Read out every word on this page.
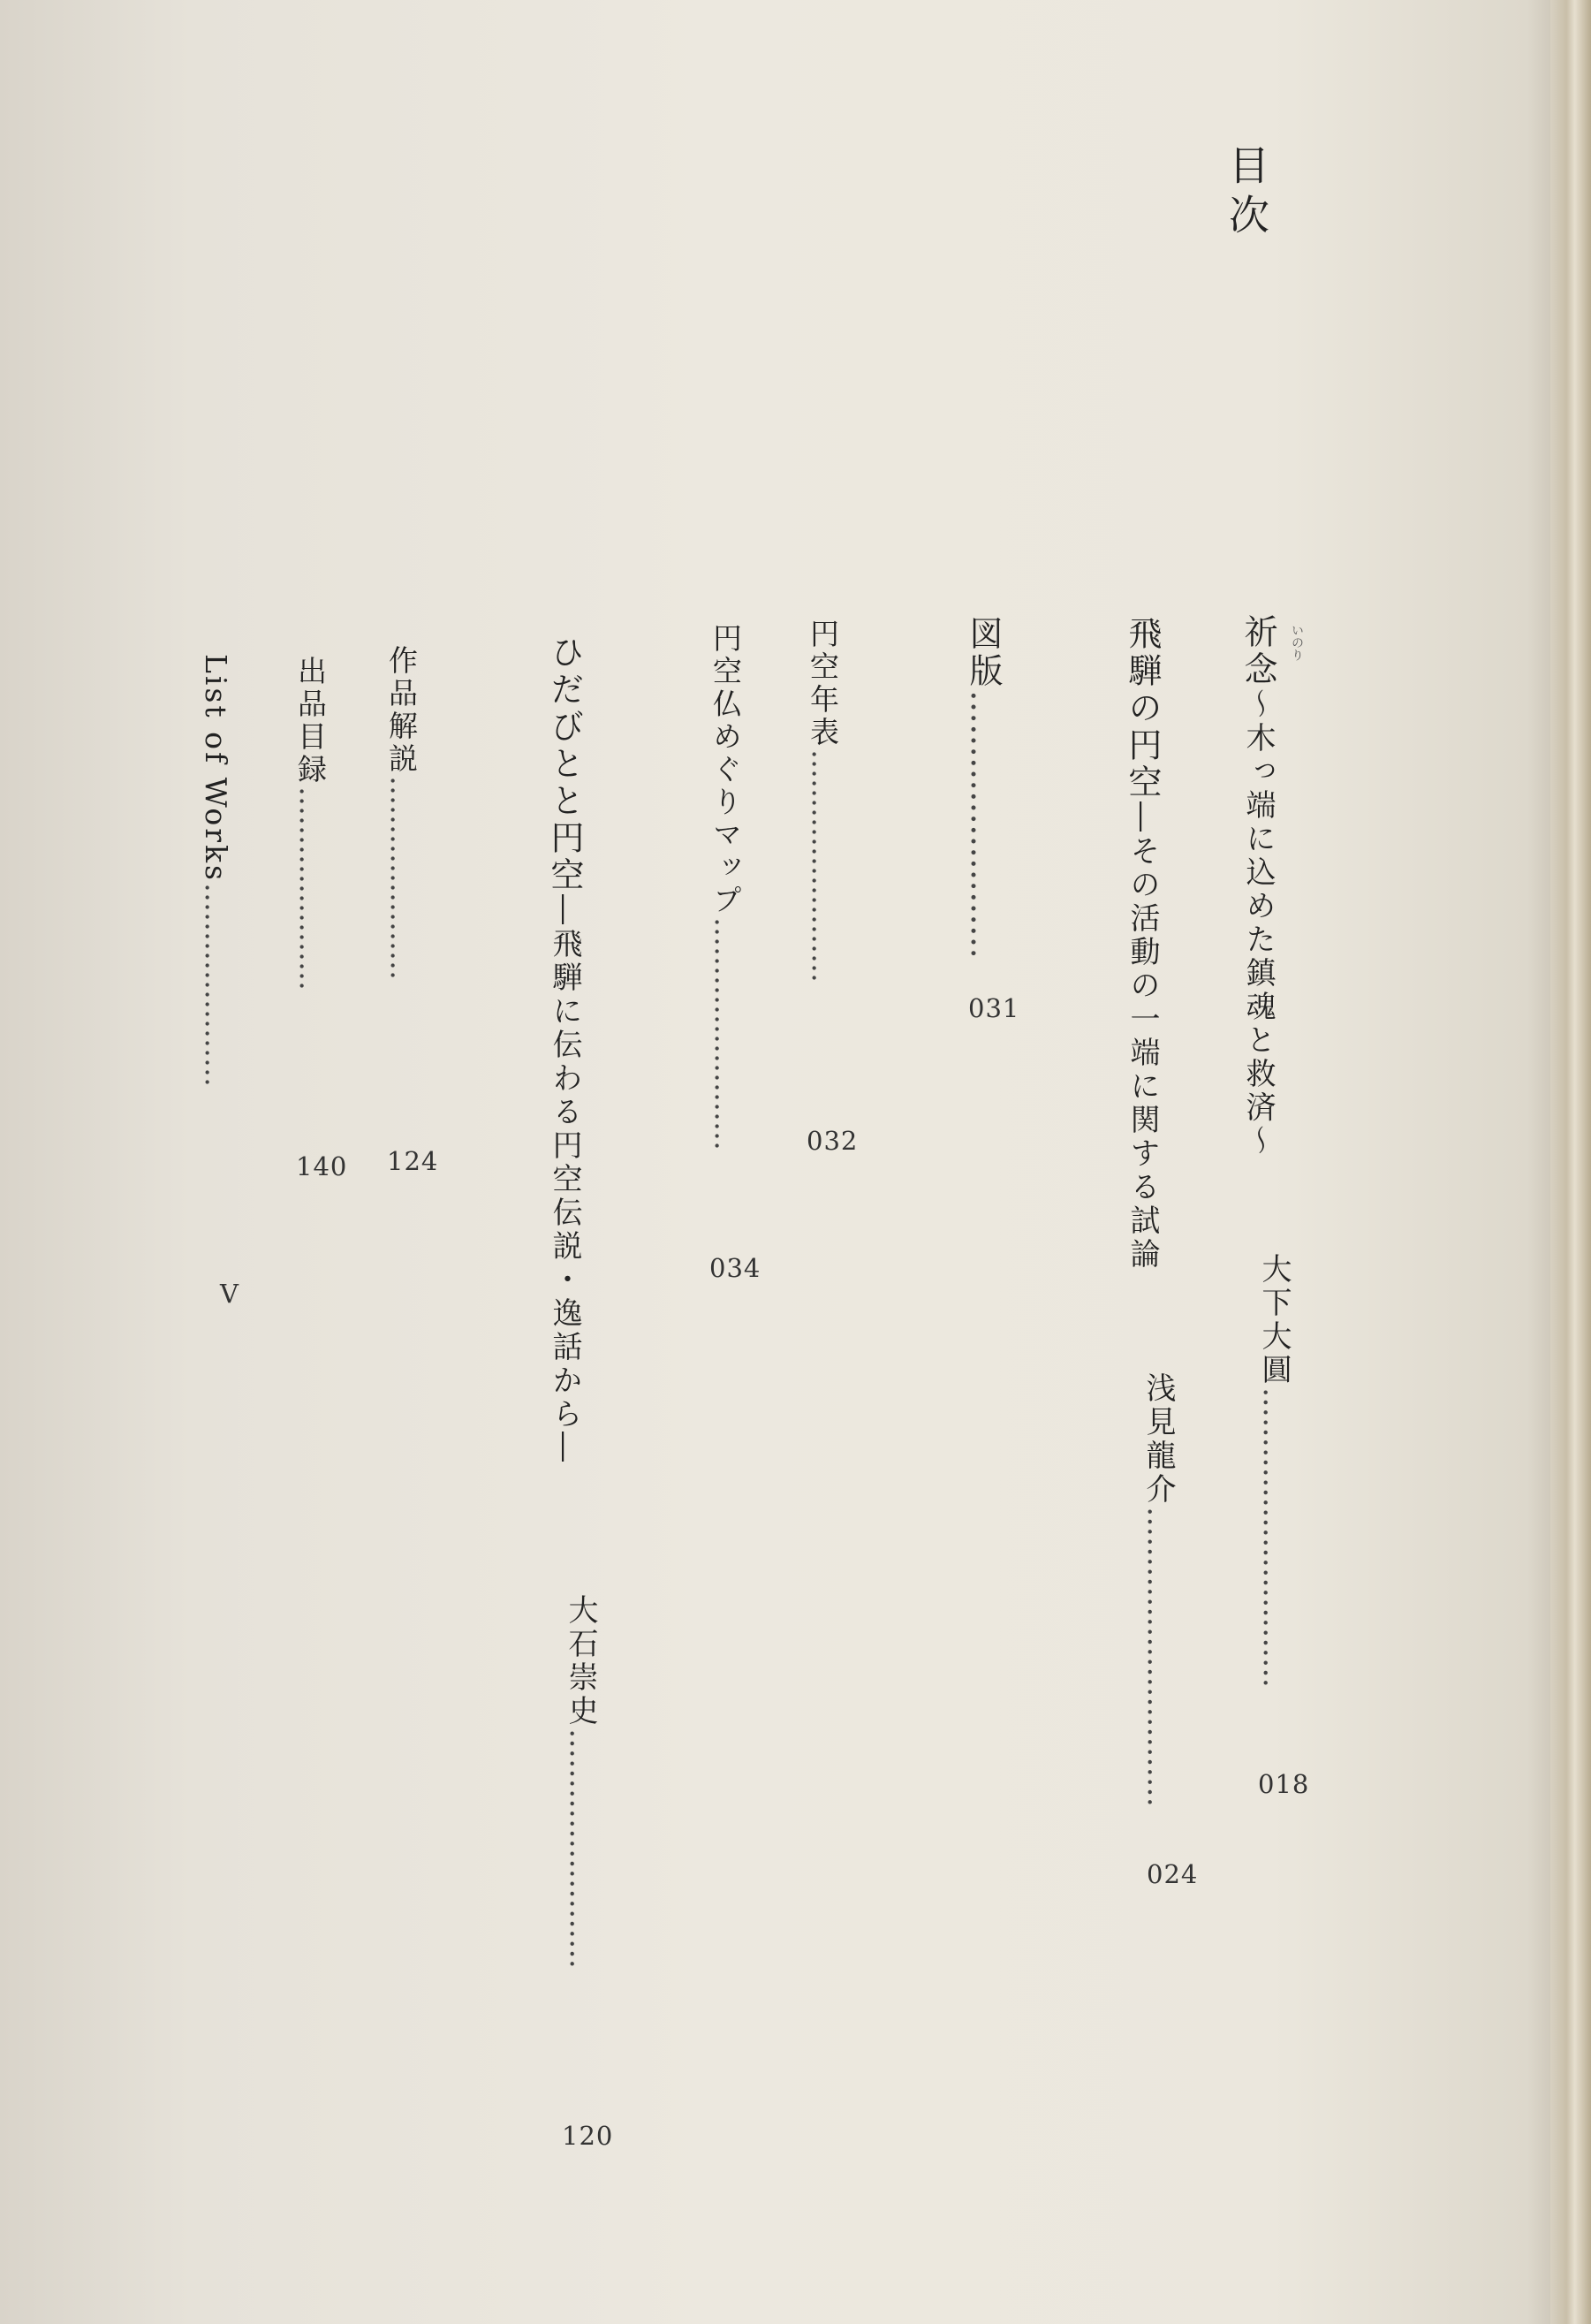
目次
いのり
祈念〜木っ端に込めた鎮魂と救済〜
大下大圓…………………………
018
飛騨の円空―その活動の一端に関する試論
浅見龍介…………………………
024
図版……………………
031
円空年表……………………
032
円空仏めぐりマップ……………………
034
ひだびとと円空―飛騨に伝わる円空伝説・逸話から―
大石崇史……………………
120
作品解説…………………
124
出品目録…………………
140
List of Works…………………
V
